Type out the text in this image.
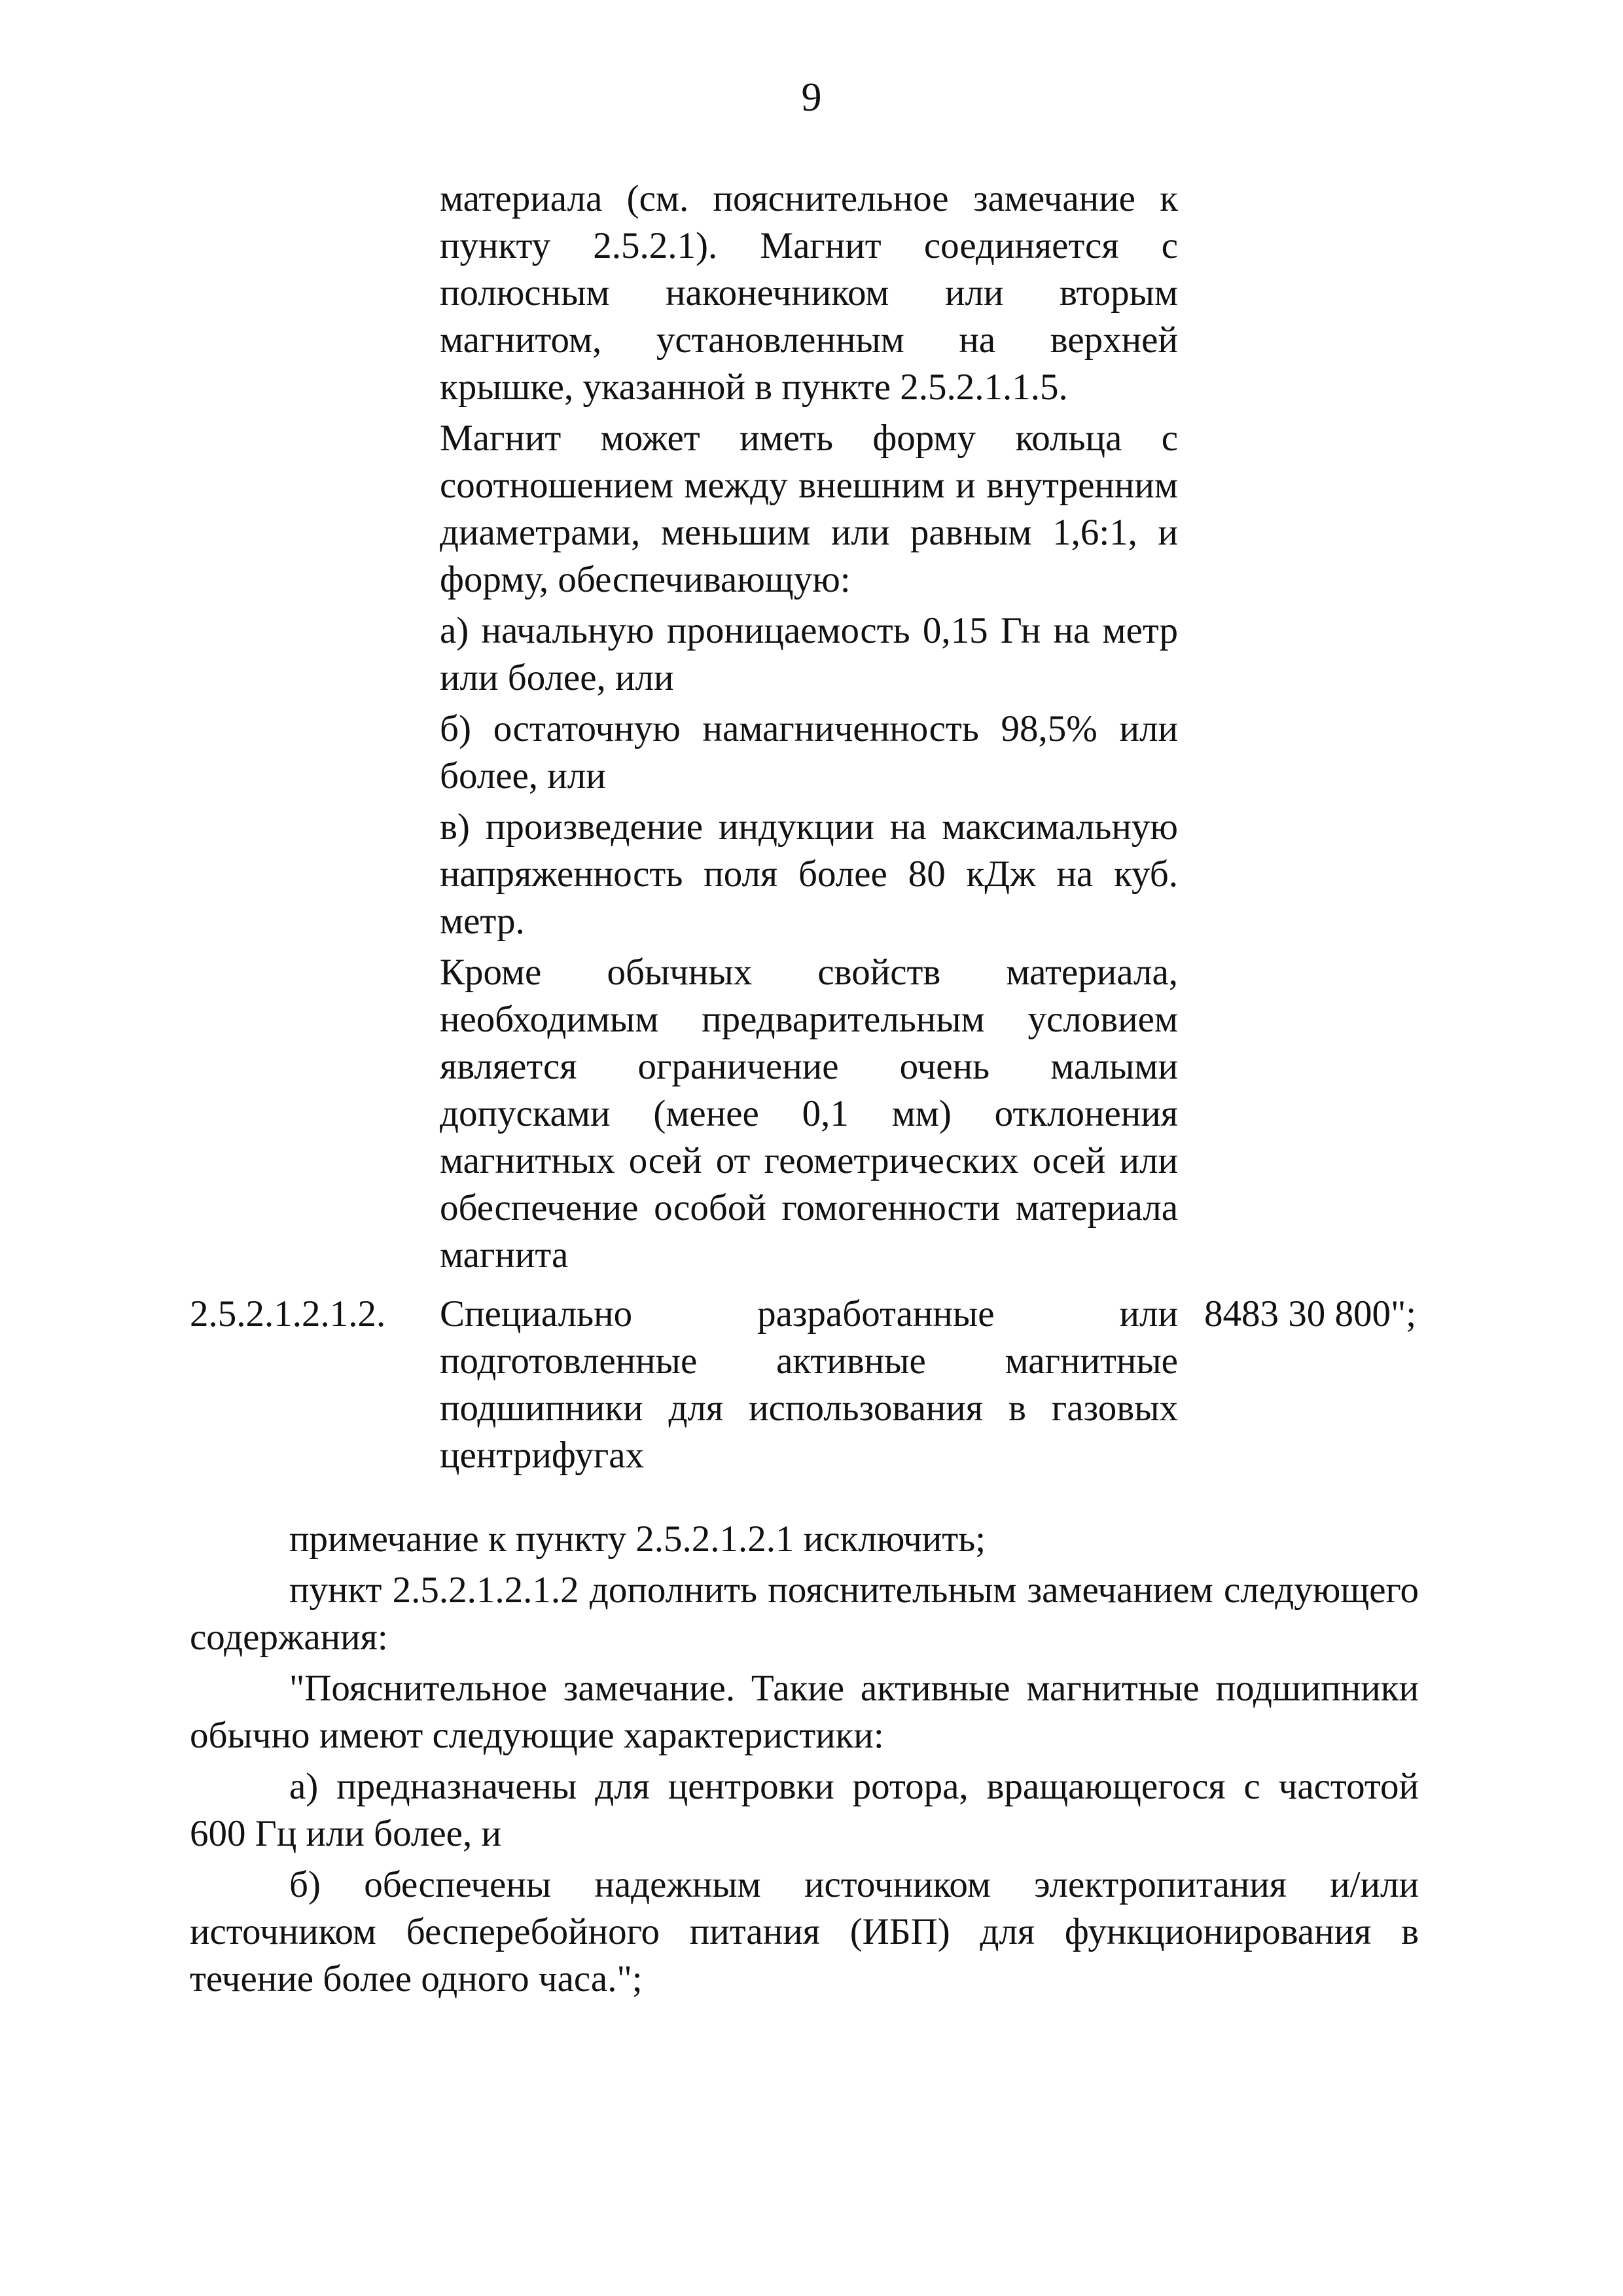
9

материала (см. пояснительное замечание к пункту 2.5.2.1). Магнит соединяется с полюсным наконечником или вторым магнитом, установленным на верхней крышке, указанной в пункте 2.5.2.1.1.5.

Магнит может иметь форму кольца с соотношением между внешним и внутренним диаметрами, меньшим или равным 1,6:1, и форму, обеспечивающую:

а) начальную проницаемость 0,15 Гн на метр или более, или

б) остаточную намагниченность 98,5% или более, или

в) произведение индукции на максимальную напряженность поля более 80 кДж на куб. метр.

Кроме обычных свойств материала, необходимым предварительным условием является ограничение очень малыми допусками (менее 0,1 мм) отклонения магнитных осей от геометрических осей или обеспечение особой гомогенности материала магнита

2.5.2.1.2.1.2. Специально разработанные или подготовленные активные магнитные подшипники для использования в газовых центрифугах

8483 30 800";

примечание к пункту 2.5.2.1.2.1 исключить;

пункт 2.5.2.1.2.1.2 дополнить пояснительным замечанием следующего содержания:

"Пояснительное замечание. Такие активные магнитные подшипники обычно имеют следующие характеристики:

а) предназначены для центровки ротора, вращающегося с частотой 600 Гц или более, и

б) обеспечены надежным источником электропитания и/или источником бесперебойного питания (ИБП) для функционирования в течение более одного часа.";
